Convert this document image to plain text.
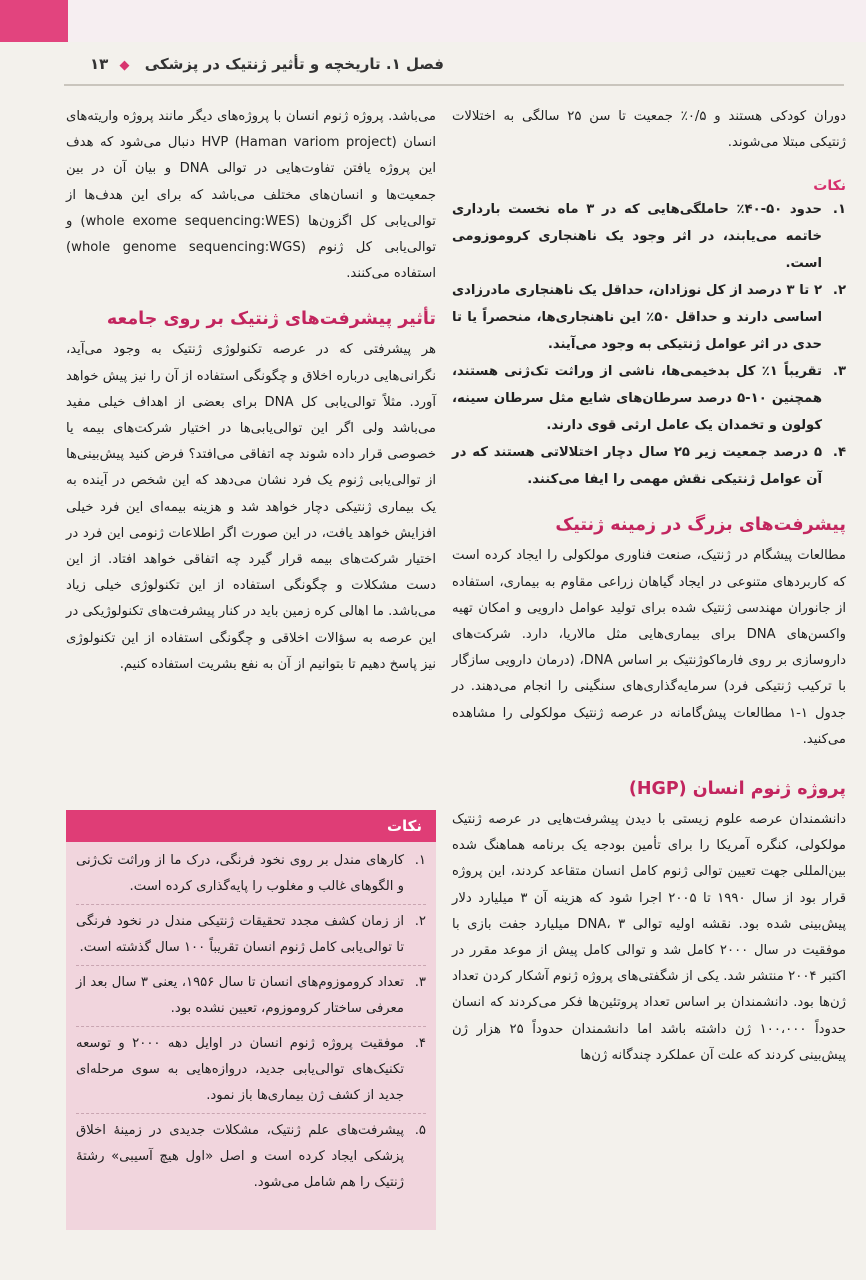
فصل ۱. تاریخچه و تأثیر ژنتیک در پزشکی ◆ ۱۳

دوران کودکی هستند و ۰/۵٪ جمعیت تا سن ۲۵ سالگی به اختلالات ژنتیکی مبتلا می‌شوند.

نکات
۱.
حدود ۵۰-۴۰٪ حاملگی‌هایی که در ۳ ماه نخست بارداری خاتمه می‌یابند، در اثر وجود یک ناهنجاری کروموزومی است.
۲.
۲ تا ۳ درصد از کل نوزادان، حداقل یک ناهنجاری مادرزادی اساسی دارند و حداقل ۵۰٪ این ناهنجاری‌ها، منحصراً یا تا حدی در اثر عوامل ژنتیکی به وجود می‌آیند.
۳.
تقریباً ۱٪ کل بدخیمی‌ها، ناشی از وراثت تک‌ژنی هستند، همچنین ۱۰-۵ درصد سرطان‌های شایع مثل سرطان سینه، کولون و تخمدان یک عامل ارثی قوی دارند.
۴.
۵ درصد جمعیت زیر ۲۵ سال دچار اختلالاتی هستند که در آن عوامل ژنتیکی نقش مهمی را ایفا می‌کنند.
پیشرفت‌های بزرگ در زمینه ژنتیک

مطالعات پیشگام در ژنتیک، صنعت فناوری مولکولی را ایجاد کرده است که کاربردهای متنوعی در ایجاد گیاهان زراعی مقاوم به بیماری، استفاده از جانوران مهندسی ژنتیک شده برای تولید عوامل دارویی و امکان تهیه واکسن‌های DNA برای بیماری‌هایی مثل مالاریا، دارد. شرکت‌های داروسازی بر روی فارماکوژنتیک بر اساس DNA، (درمان دارویی سازگار با ترکیب ژنتیکی فرد) سرمایه‌گذاری‌های سنگینی را انجام می‌دهند. در جدول ۱-۱ مطالعات پیش‌گامانه در عرصه ژنتیک مولکولی را مشاهده می‌کنید.

پروژه ژنوم انسان (HGP)

دانشمندان عرصه علوم زیستی با دیدن پیشرفت‌هایی در عرصه ژنتیک مولکولی، کنگره آمریکا را برای تأمین بودجه یک برنامه هماهنگ شده بین‌المللی جهت تعیین توالی ژنوم کامل انسان متقاعد کردند، این پروژه قرار بود از سال ۱۹۹۰ تا ۲۰۰۵ اجرا شود که هزینه آن ۳ میلیارد دلار پیش‌بینی شده بود. نقشه اولیه توالی DNA، ۳ میلیارد جفت بازی با موفقیت در سال ۲۰۰۰ کامل شد و توالی کامل پیش از موعد مقرر در اکتبر ۲۰۰۴ منتشر شد. یکی از شگفتی‌های پروژه ژنوم آشکار کردن تعداد ژن‌ها بود. دانشمندان بر اساس تعداد پروتئین‌ها فکر می‌کردند که انسان حدوداً ۱۰۰،۰۰۰ ژن داشته باشد اما دانشمندان حدوداً ۲۵ هزار ژن پیش‌بینی کردند که علت آن عملکرد چندگانه ژن‌ها

می‌باشد. پروژه ژنوم انسان با پروژه‌های دیگر مانند پروژه واریته‌های انسان HVP (Haman variom project) دنبال می‌شود که هدف این پروژه یافتن تفاوت‌هایی در توالی DNA و بیان آن در بین جمعیت‌ها و انسان‌های مختلف می‌باشد که برای این هدف‌ها از توالی‌یابی کل اگزون‌ها (whole exome sequencing:WES) و توالی‌یابی کل ژنوم (whole genome sequencing:WGS) استفاده می‌کنند.

تأثیر پیشرفت‌های ژنتیک بر روی جامعه

هر پیشرفتی که در عرصه تکنولوژی ژنتیک به وجود می‌آید، نگرانی‌هایی درباره اخلاق و چگونگی استفاده از آن را نیز پیش خواهد آورد. مثلاً توالی‌یابی کل DNA برای بعضی از اهداف خیلی مفید می‌باشد ولی اگر این توالی‌یابی‌ها در اختیار شرکت‌های بیمه یا خصوصی قرار داده شوند چه اتفاقی می‌افتد؟ فرض کنید پیش‌بینی‌ها از توالی‌یابی ژنوم یک فرد نشان می‌دهد که این شخص در آینده به یک بیماری ژنتیکی دچار خواهد شد و هزینه بیمه‌ای این فرد خیلی افزایش خواهد یافت، در این صورت اگر اطلاعات ژنومی این فرد در اختیار شرکت‌های بیمه قرار گیرد چه اتفاقی خواهد افتاد. از این دست مشکلات و چگونگی استفاده از این تکنولوژی خیلی زیاد می‌باشد. ما اهالی کره زمین باید در کنار پیشرفت‌های تکنولوژیکی در این عرصه به سؤالات اخلاقی و چگونگی استفاده از این تکنولوژی نیز پاسخ دهیم تا بتوانیم از آن به نفع بشریت استفاده کنیم.

نکات
۱.
کارهای مندل بر روی نخود فرنگی، درک ما از وراثت تک‌ژنی و الگوهای غالب و مغلوب را پایه‌گذاری کرده است.
۲.
از زمان کشف مجدد تحقیقات ژنتیکی مندل در نخود فرنگی تا توالی‌یابی کامل ژنوم انسان تقریباً ۱۰۰ سال گذشته است.
۳.
تعداد کروموزوم‌های انسان تا سال ۱۹۵۶، یعنی ۳ سال بعد از معرفی ساختار کروموزوم، تعیین نشده بود.
۴.
موفقیت پروژه ژنوم انسان در اوایل دهه ۲۰۰۰ و توسعه تکنیک‌های توالی‌یابی جدید، دروازه‌هایی به سوی مرحله‌ای جدید از کشف ژن بیماری‌ها باز نمود.
۵.
پیشرفت‌های علم ژنتیک، مشکلات جدیدی در زمینهٔ اخلاق پزشکی ایجاد کرده است و اصل «اول هیچ آسیبی» رشتهٔ ژنتیک را هم شامل می‌شود.
